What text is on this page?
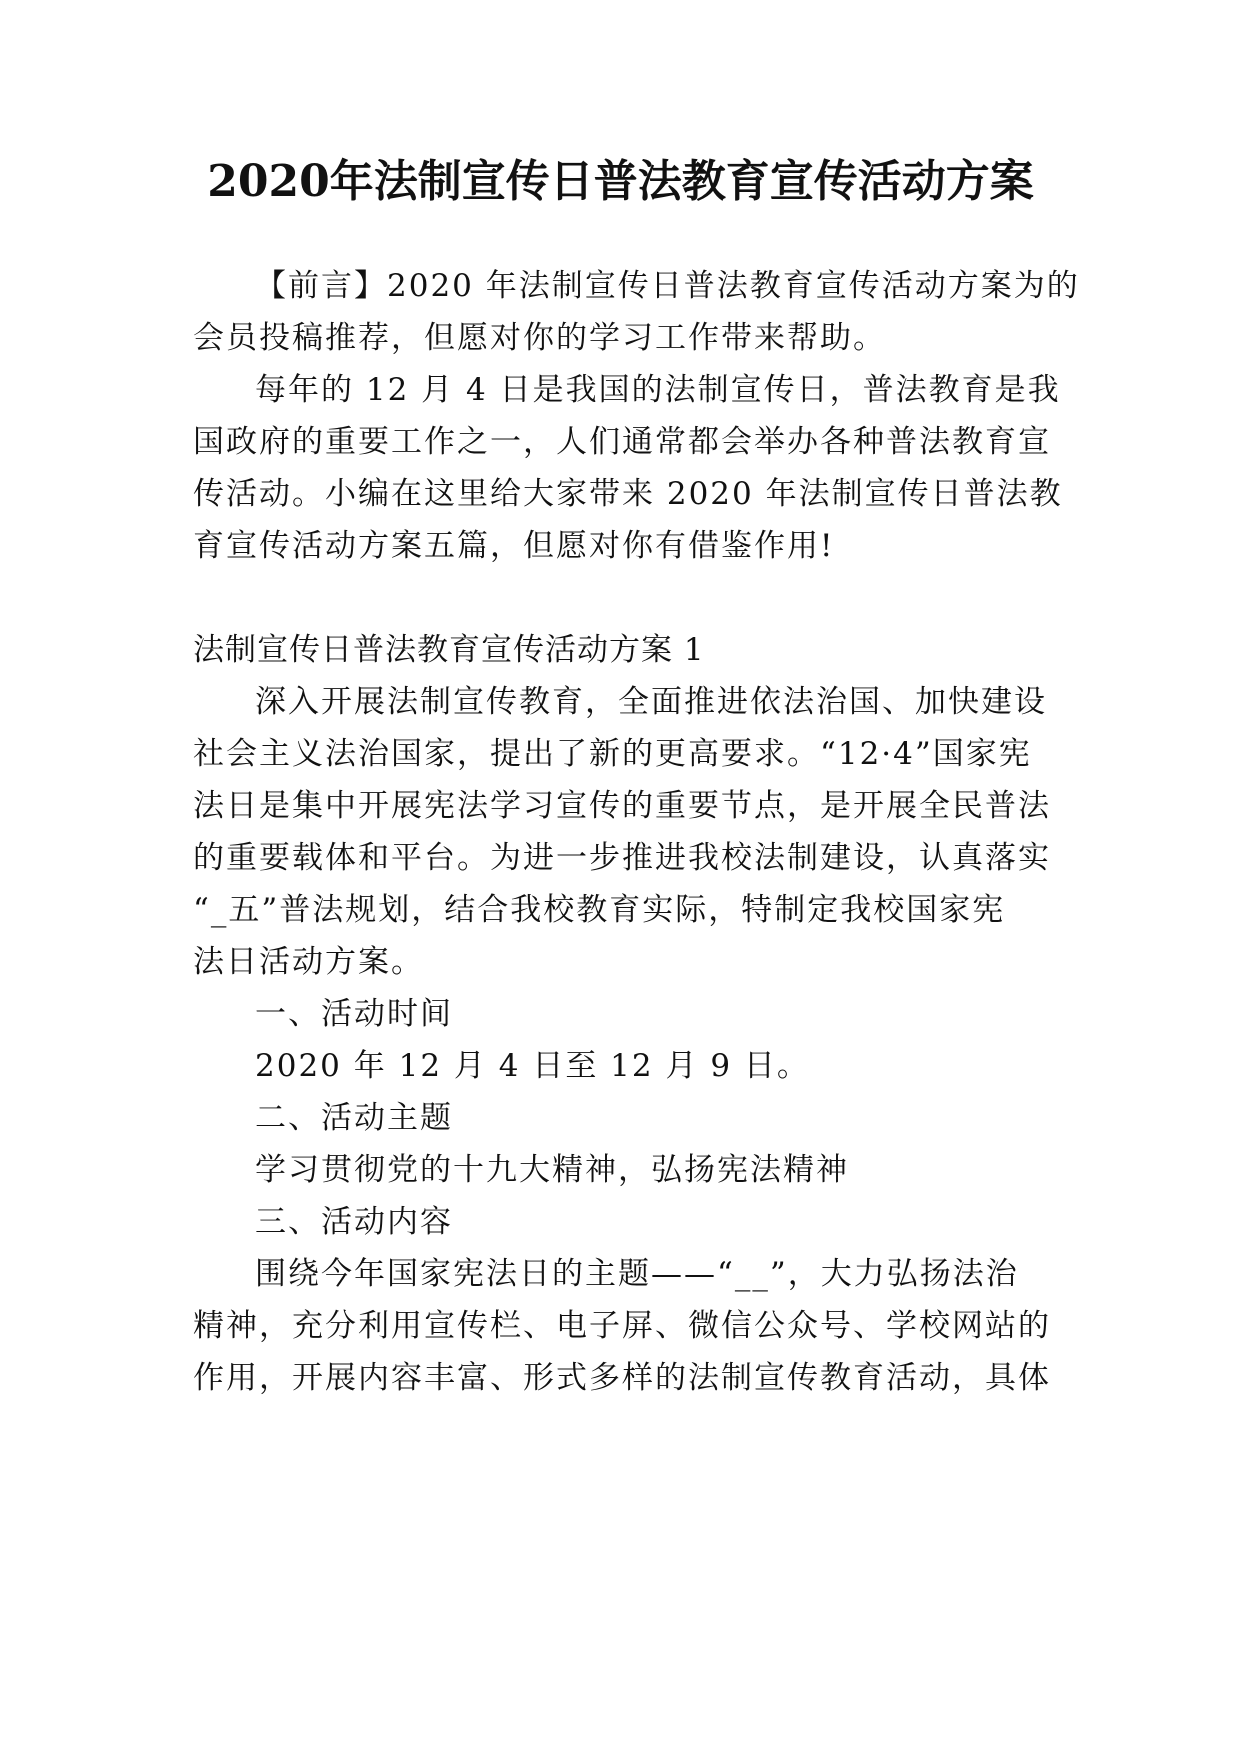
2020年法制宣传日普法教育宣传活动方案
【前言】2020 年法制宣传日普法教育宣传活动方案为的
会员投稿推荐，但愿对你的学习工作带来帮助。
每年的 12 月 4 日是我国的法制宣传日，普法教育是我
国政府的重要工作之一，人们通常都会举办各种普法教育宣
传活动。小编在这里给大家带来 2020 年法制宣传日普法教
育宣传活动方案五篇，但愿对你有借鉴作用!
法制宣传日普法教育宣传活动方案 1
深入开展法制宣传教育，全面推进依法治国、加快建设
社会主义法治国家，提出了新的更高要求。“12·4”国家宪
法日是集中开展宪法学习宣传的重要节点，是开展全民普法
的重要载体和平台。为进一步推进我校法制建设，认真落实
“_五”普法规划，结合我校教育实际，特制定我校国家宪
法日活动方案。
一、活动时间
2020 年 12 月 4 日至 12 月 9 日。
二、活动主题
学习贯彻党的十九大精神，弘扬宪法精神
三、活动内容
围绕今年国家宪法日的主题——“__”，大力弘扬法治
精神，充分利用宣传栏、电子屏、微信公众号、学校网站的
作用，开展内容丰富、形式多样的法制宣传教育活动，具体
